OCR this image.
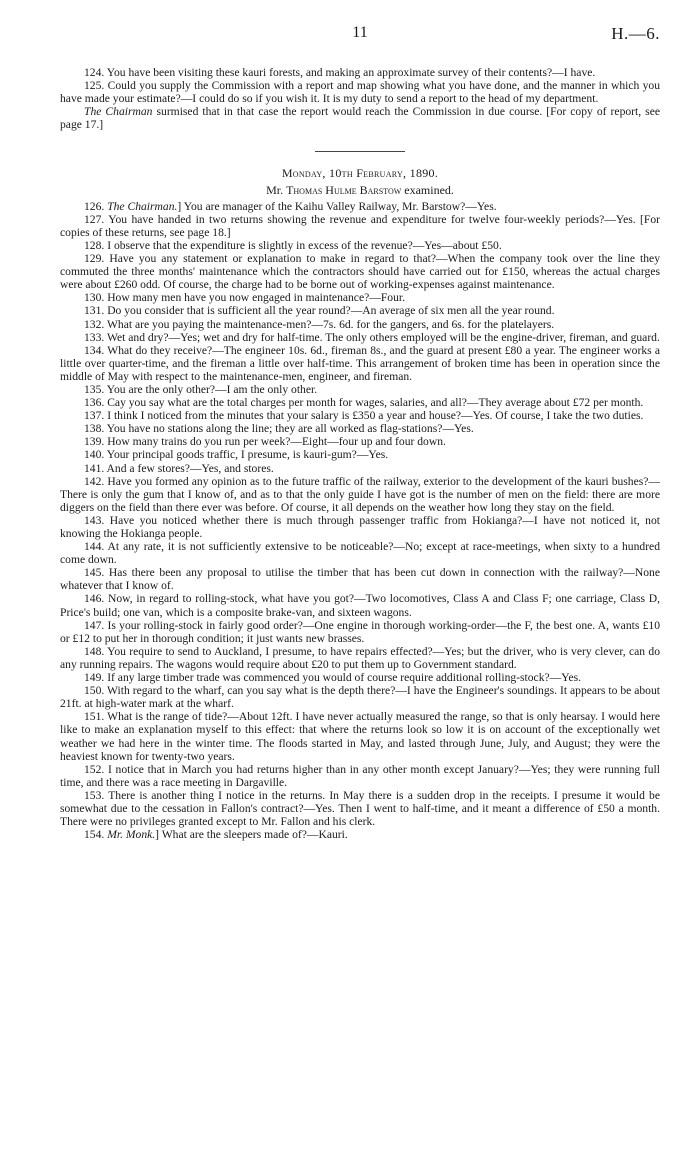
11	H.—6.

124. You have been visiting these kauri forests, and making an approximate survey of their contents?—I have.

125. Could you supply the Commission with a report and map showing what you have done, and the manner in which you have made your estimate?—I could do so if you wish it. It is my duty to send a report to the head of my department.

The Chairman surmised that in that case the report would reach the Commission in due course. [For copy of report, see page 17.]

Monday, 10th February, 1890.
Mr. Thomas Hulme Barstow examined.

126. The Chairman.] You are manager of the Kaihu Valley Railway, Mr. Barstow?—Yes.

127. You have handed in two returns showing the revenue and expenditure for twelve four-weekly periods?—Yes. [For copies of these returns, see page 18.]

128. I observe that the expenditure is slightly in excess of the revenue?—Yes—about £50.

129. Have you any statement or explanation to make in regard to that?—When the company took over the line they commuted the three months' maintenance which the contractors should have carried out for £150, whereas the actual charges were about £260 odd. Of course, the charge had to be borne out of working-expenses against maintenance.

130. How many men have you now engaged in maintenance?—Four.

131. Do you consider that is sufficient all the year round?—An average of six men all the year round.

132. What are you paying the maintenance-men?—7s. 6d. for the gangers, and 6s. for the platelayers.

133. Wet and dry?—Yes; wet and dry for half-time. The only others employed will be the engine-driver, fireman, and guard.

134. What do they receive?—The engineer 10s. 6d., fireman 8s., and the guard at present £80 a year. The engineer works a little over quarter-time, and the fireman a little over half-time. This arrangement of broken time has been in operation since the middle of May with respect to the maintenance-men, engineer, and fireman.

135. You are the only other?—I am the only other.

136. Cay you say what are the total charges per month for wages, salaries, and all?—They average about £72 per month.

137. I think I noticed from the minutes that your salary is £350 a year and house?—Yes. Of course, I take the two duties.

138. You have no stations along the line; they are all worked as flag-stations?—Yes.

139. How many trains do you run per week?—Eight—four up and four down.

140. Your principal goods traffic, I presume, is kauri-gum?—Yes.

141. And a few stores?—Yes, and stores.

142. Have you formed any opinion as to the future traffic of the railway, exterior to the development of the kauri bushes?—There is only the gum that I know of, and as to that the only guide I have got is the number of men on the field: there are more diggers on the field than there ever was before. Of course, it all depends on the weather how long they stay on the field.

143. Have you noticed whether there is much through passenger traffic from Hokianga?—I have not noticed it, not knowing the Hokianga people.

144. At any rate, it is not sufficiently extensive to be noticeable?—No; except at race-meetings, when sixty to a hundred come down.

145. Has there been any proposal to utilise the timber that has been cut down in connection with the railway?—None whatever that I know of.

146. Now, in regard to rolling-stock, what have you got?—Two locomotives, Class A and Class F; one carriage, Class D, Price's build; one van, which is a composite brake-van, and sixteen wagons.

147. Is your rolling-stock in fairly good order?—One engine in thorough working-order—the F, the best one. A, wants £10 or £12 to put her in thorough condition; it just wants new brasses.

148. You require to send to Auckland, I presume, to have repairs effected?—Yes; but the driver, who is very clever, can do any running repairs. The wagons would require about £20 to put them up to Government standard.

149. If any large timber trade was commenced you would of course require additional rolling-stock?—Yes.

150. With regard to the wharf, can you say what is the depth there?—I have the Engineer's soundings. It appears to be about 21ft. at high-water mark at the wharf.

151. What is the range of tide?—About 12ft. I have never actually measured the range, so that is only hearsay. I would here like to make an explanation myself to this effect: that where the returns look so low it is on account of the exceptionally wet weather we had here in the winter time. The floods started in May, and lasted through June, July, and August; they were the heaviest known for twenty-two years.

152. I notice that in March you had returns higher than in any other month except January?—Yes; they were running full time, and there was a race meeting in Dargaville.

153. There is another thing I notice in the returns. In May there is a sudden drop in the receipts. I presume it would be somewhat due to the cessation in Fallon's contract?—Yes. Then I went to half-time, and it meant a difference of £50 a month. There were no privileges granted except to Mr. Fallon and his clerk.

154. Mr. Monk.] What are the sleepers made of?—Kauri.
